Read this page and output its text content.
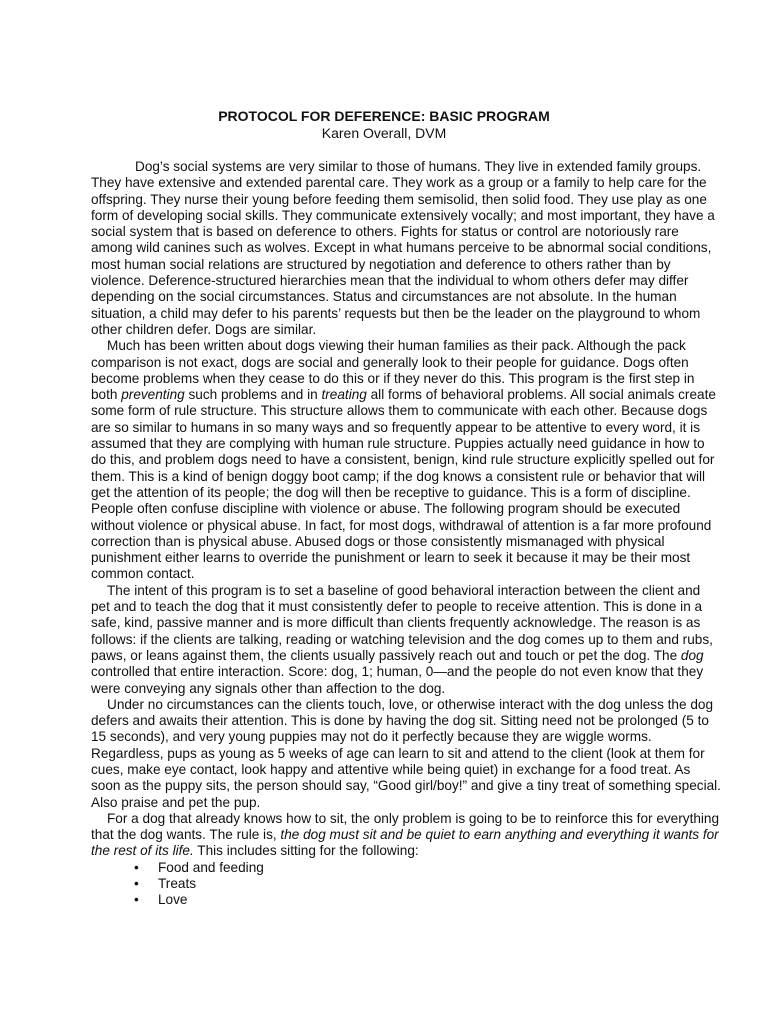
PROTOCOL FOR DEFERENCE: BASIC PROGRAM
Karen Overall, DVM

Dog’s social systems are very similar to those of humans. They live in extended family groups. They have extensive and extended parental care. They work as a group or a family to help care for the offspring. They nurse their young before feeding them semisolid, then solid food. They use play as one form of developing social skills. They communicate extensively vocally; and most important, they have a social system that is based on deference to others. Fights for status or control are notoriously rare among wild canines such as wolves. Except in what humans perceive to be abnormal social conditions, most human social relations are structured by negotiation and deference to others rather than by violence. Deference-structured hierarchies mean that the individual to whom others defer may differ depending on the social circumstances. Status and circumstances are not absolute. In the human situation, a child may defer to his parents’ requests but then be the leader on the playground to whom other children defer. Dogs are similar.

Much has been written about dogs viewing their human families as their pack. Although the pack comparison is not exact, dogs are social and generally look to their people for guidance. Dogs often become problems when they cease to do this or if they never do this. This program is the first step in both preventing such problems and in treating all forms of behavioral problems. All social animals create some form of rule structure. This structure allows them to communicate with each other. Because dogs are so similar to humans in so many ways and so frequently appear to be attentive to every word, it is assumed that they are complying with human rule structure. Puppies actually need guidance in how to do this, and problem dogs need to have a consistent, benign, kind rule structure explicitly spelled out for them. This is a kind of benign doggy boot camp; if the dog knows a consistent rule or behavior that will get the attention of its people; the dog will then be receptive to guidance. This is a form of discipline. People often confuse discipline with violence or abuse. The following program should be executed without violence or physical abuse. In fact, for most dogs, withdrawal of attention is a far more profound correction than is physical abuse. Abused dogs or those consistently mismanaged with physical punishment either learns to override the punishment or learn to seek it because it may be their most common contact.

The intent of this program is to set a baseline of good behavioral interaction between the client and pet and to teach the dog that it must consistently defer to people to receive attention. This is done in a safe, kind, passive manner and is more difficult than clients frequently acknowledge. The reason is as follows: if the clients are talking, reading or watching television and the dog comes up to them and rubs, paws, or leans against them, the clients usually passively reach out and touch or pet the dog. The dog controlled that entire interaction. Score: dog, 1; human, 0—and the people do not even know that they were conveying any signals other than affection to the dog.

Under no circumstances can the clients touch, love, or otherwise interact with the dog unless the dog defers and awaits their attention. This is done by having the dog sit. Sitting need not be prolonged (5 to 15 seconds), and very young puppies may not do it perfectly because they are wiggle worms. Regardless, pups as young as 5 weeks of age can learn to sit and attend to the client (look at them for cues, make eye contact, look happy and attentive while being quiet) in exchange for a food treat. As soon as the puppy sits, the person should say, “Good girl/boy!” and give a tiny treat of something special. Also praise and pet the pup.

For a dog that already knows how to sit, the only problem is going to be to reinforce this for everything that the dog wants. The rule is, the dog must sit and be quiet to earn anything and everything it wants for the rest of its life. This includes sitting for the following:

• Food and feeding
• Treats
• Love
